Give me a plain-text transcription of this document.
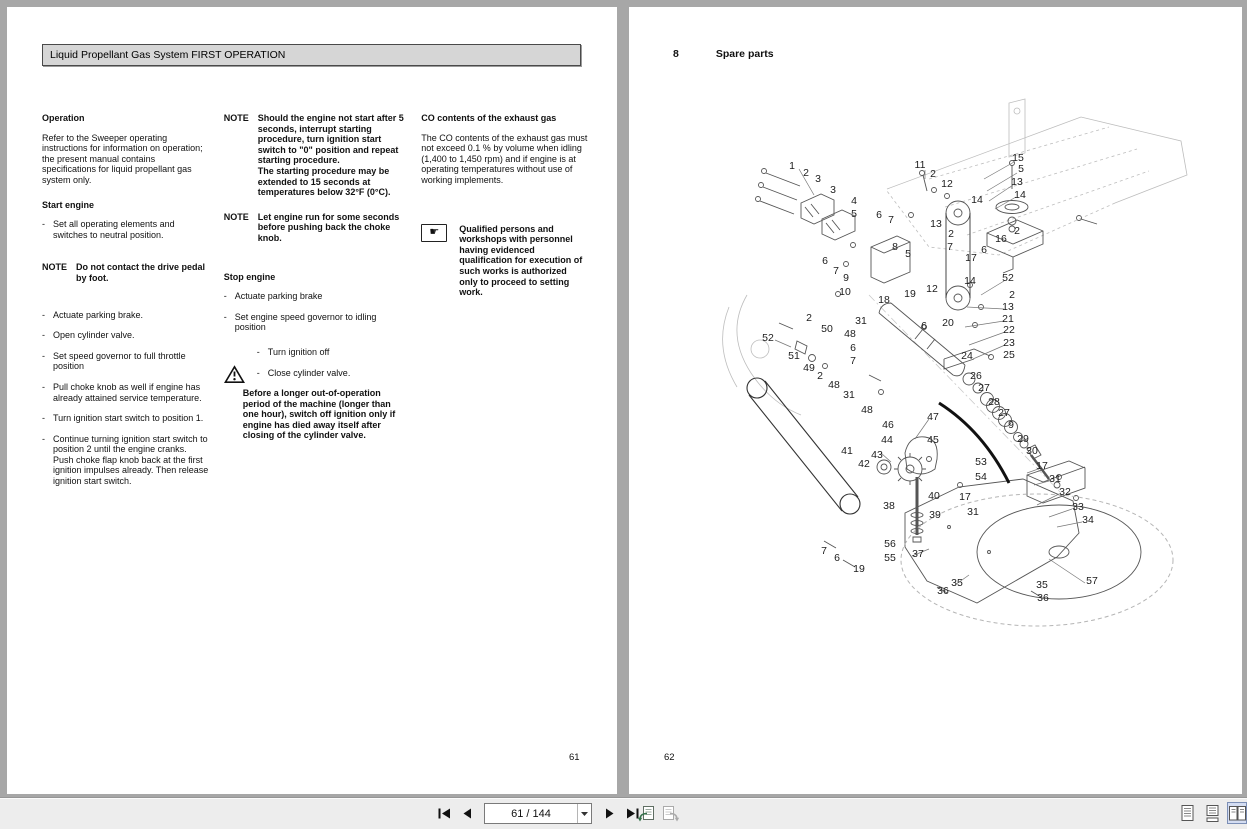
Liquid Propellant Gas System FIRST OPERATION

Operation

Refer to the Sweeper operating instructions for information on operation; the present manual contains specifications for liquid propellant gas system only.

Start engine

- Set all operating elements and switches to neutral position.
NOTE Do not contact the drive pedal by foot.
- Actuate parking brake.
- Open cylinder valve.
- Set speed governor to full throttle position
- Pull choke knob as well if engine has already attained service temperature.
- Turn ignition start switch to position 1.
- Continue turning ignition start switch to position 2 until the engine cranks. Push choke flap knob back at the first ignition impulses already. Then release ignition start switch.
NOTE Should the engine not start after 5 seconds, interrupt starting procedure, turn ignition start switch to "0" position and repeat starting procedure.

The starting procedure may be extended to 15 seconds at temperatures below 32°F (0°C).

NOTE Let engine run for some seconds before pushing back the choke knob.

Stop engine

- Actuate parking brake
- Set engine speed governor to idling position
- Turn ignition off
- Close cylinder valve.

Before a longer out-of-operation period of the machine (longer than one hour), switch off ignition only if engine has died away itself after closing of the cylinder valve.

CO contents of the exhaust gas

The CO contents of the exhaust gas must not exceed 0.1 % by volume when idling (1,400 to 1,450 rpm) and if engine is at operating temperatures without use of working implements.

☛
Qualified persons and workshops with personnel having evidenced qualification for execution of such works is authorized only to proceed to setting work.
61
8	Spare parts
1
2 3
3
4
5 6 7
8
5
6
7
9
10
11
2
12
13
2
7
17
6
16
2
14
15
5
13
14
18 19 12
14	52
2
13
21
22
23
20
6
31
48
6
7
2
52
50
51
49
2
48
31
48
24	25
26
27
28
27
9
29
30
46
47
44	45
41
42
43
38
40
39
56
55 37
7
6
19
53
54
17
31
17
31
32
33
34
35
36	35
36
57
62
61 / 144
